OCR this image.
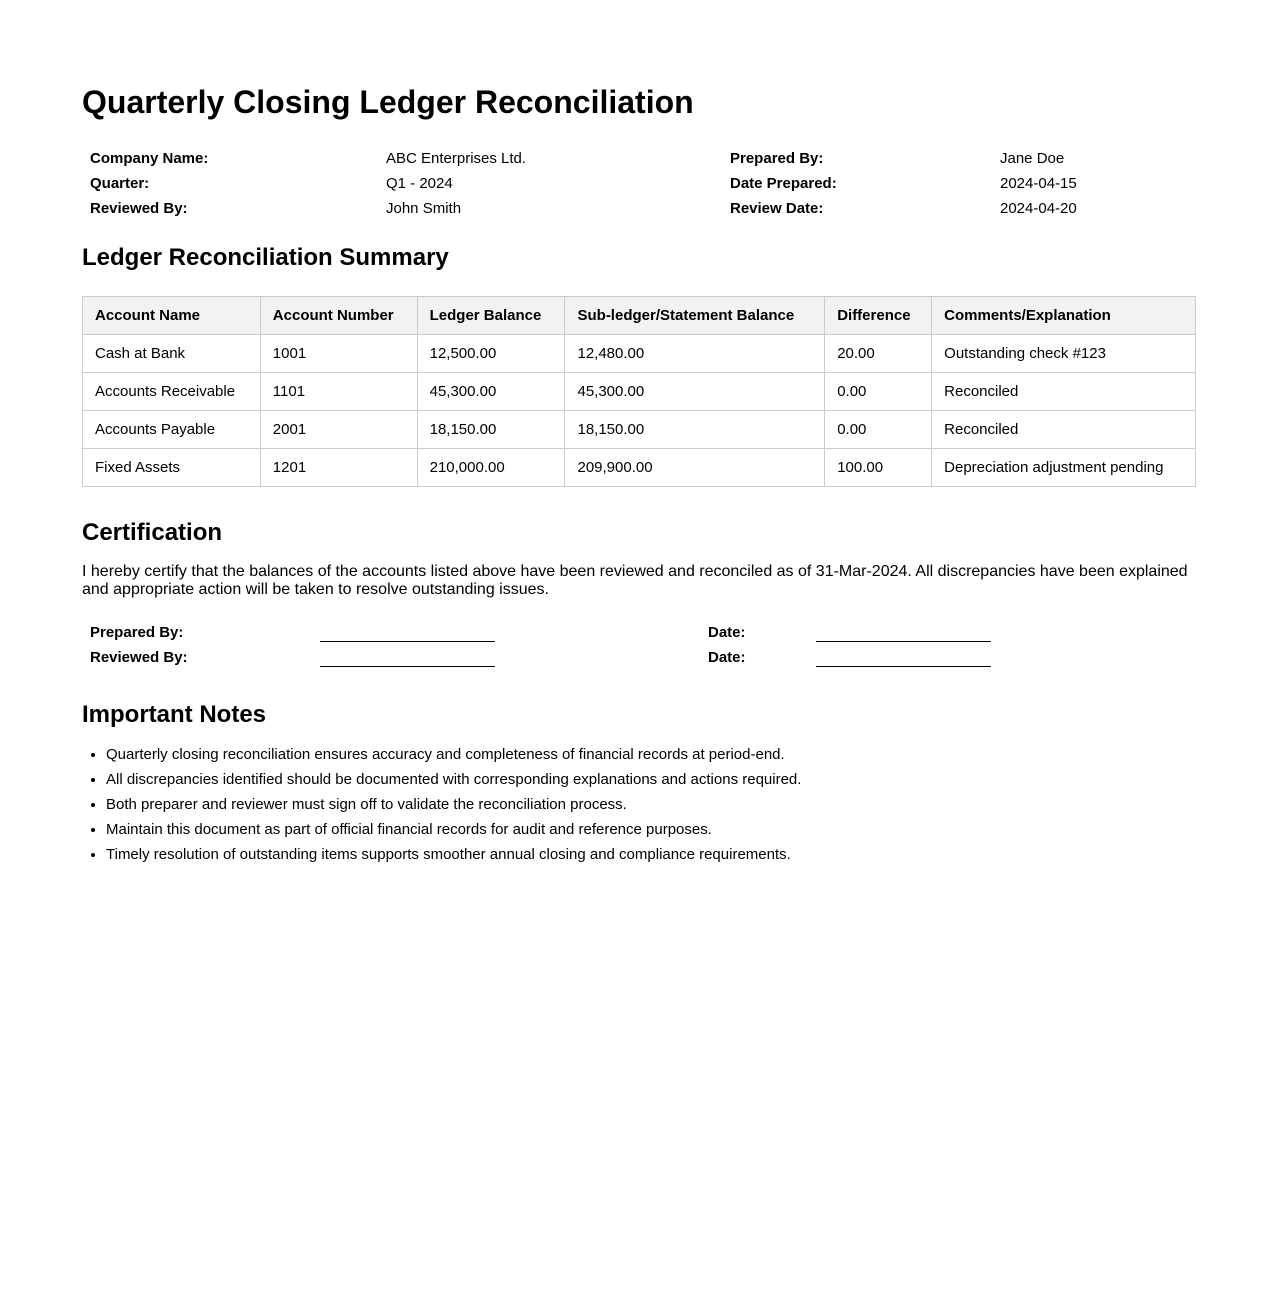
Quarterly Closing Ledger Reconciliation
Company Name:	ABC Enterprises Ltd.	Prepared By:	Jane Doe
Quarter:	Q1 - 2024	Date Prepared:	2024-04-15
Reviewed By:	John Smith	Review Date:	2024-04-20
Ledger Reconciliation Summary
Account Name	Account Number	Ledger Balance	Sub-ledger/Statement Balance	Difference	Comments/Explanation
Cash at Bank	1001	12,500.00	12,480.00	20.00	Outstanding check #123
Accounts Receivable	1101	45,300.00	45,300.00	0.00	Reconciled
Accounts Payable	2001	18,150.00	18,150.00	0.00	Reconciled
Fixed Assets	1201	210,000.00	209,900.00	100.00	Depreciation adjustment pending
Certification

I hereby certify that the balances of the accounts listed above have been reviewed and reconciled as of 31-Mar-2024. All discrepancies have been explained and appropriate action will be taken to resolve outstanding issues.

Prepared By:		Date:	
Reviewed By:		Date:	
Important Notes
• Quarterly closing reconciliation ensures accuracy and completeness of financial records at period-end.
• All discrepancies identified should be documented with corresponding explanations and actions required.
• Both preparer and reviewer must sign off to validate the reconciliation process.
• Maintain this document as part of official financial records for audit and reference purposes.
• Timely resolution of outstanding items supports smoother annual closing and compliance requirements.
